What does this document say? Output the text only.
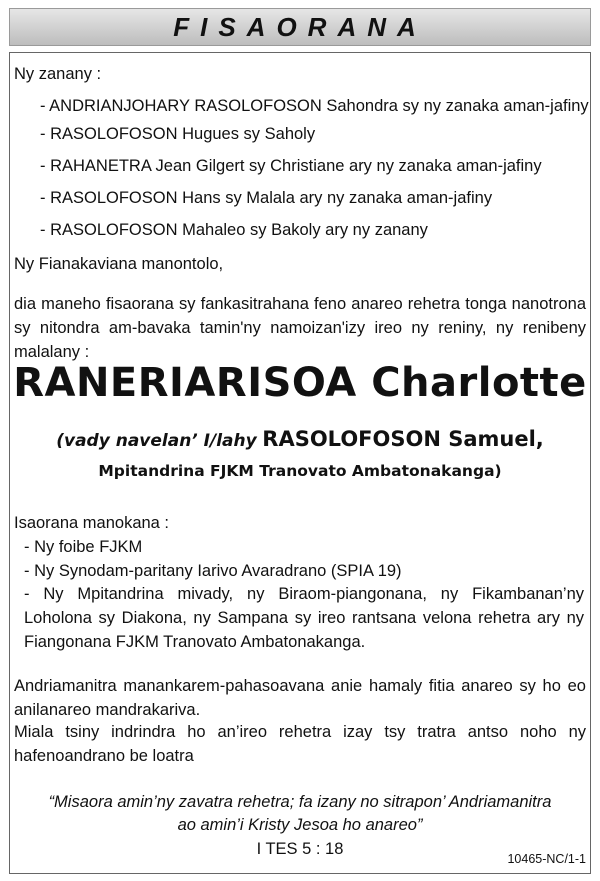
FISAORANA
Ny zanany :
- ANDRIANJOHARY RASOLOFOSON Sahondra sy ny zanaka aman-jafiny
- RASOLOFOSON Hugues sy Saholy
- RAHANETRA Jean Gilgert sy Christiane ary ny zanaka aman-jafiny
- RASOLOFOSON Hans sy Malala ary ny zanaka aman-jafiny
- RASOLOFOSON Mahaleo sy Bakoly ary ny zanany
Ny Fianakaviana manontolo,
dia maneho fisaorana sy fankasitrahana feno anareo rehetra tonga nanotrona sy nitondra am-bavaka tamin'ny namoizan'izy ireo ny reniny, ny renibeny malalany :
RANERIARISOA Charlotte
(vady navelan’ I/lahy RASOLOFOSON Samuel,
Mpitandrina FJKM Tranovato Ambatonakanga)
Isaorana manokana :
- Ny foibe FJKM
- Ny Synodam-paritany Iarivo Avaradrano (SPIA 19)
- Ny Mpitandrina mivady, ny Biraom-piangonana, ny Fikambanan’ny Loholona sy Diakona, ny Sampana sy ireo rantsana velona rehetra ary ny Fiangonana FJKM Tranovato Ambatonakanga.
Andriamanitra manankarem-pahasoavana anie hamaly fitia anareo sy ho eo anilanareo mandrakariva.
Miala tsiny indrindra ho an’ireo rehetra izay tsy tratra antso noho ny hafenoandrano be loatra
“Misaora amin’ny zavatra rehetra; fa izany no sitrapon’ Andriamanitra
ao amin’i Kristy Jesoa ho anareo”
I TES 5 : 18
10465-NC/1-1
